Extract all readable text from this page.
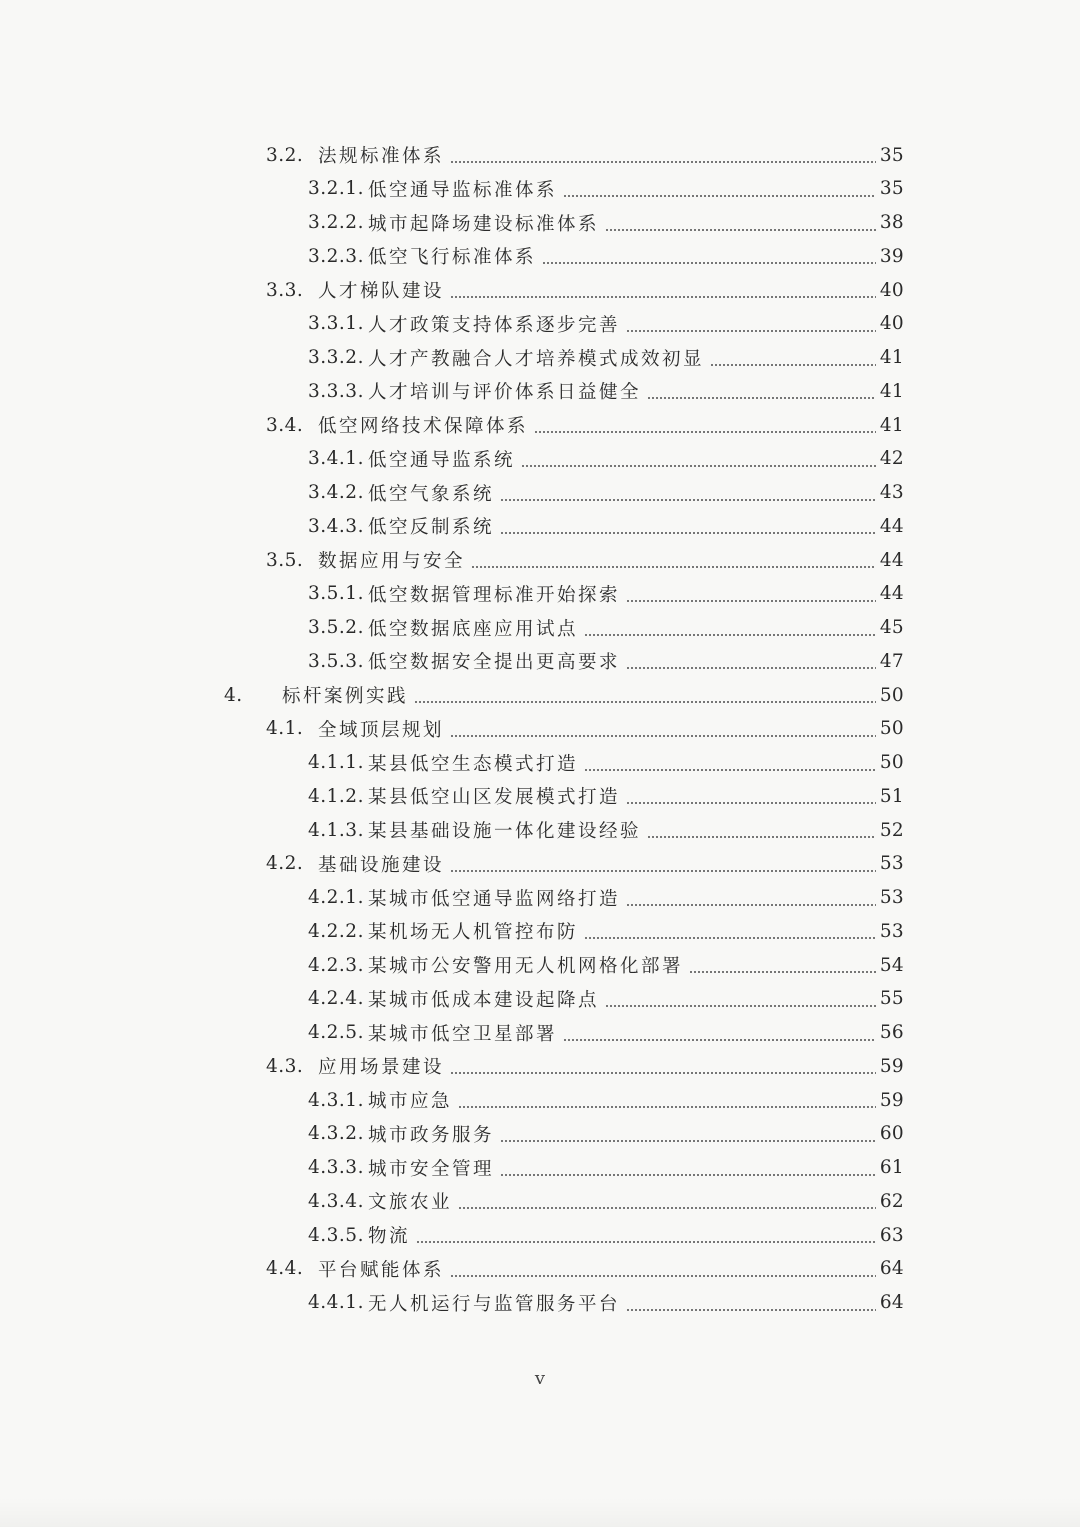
3.2. 法规标准体系	35
3.2.1. 低空通导监标准体系	35
3.2.2. 城市起降场建设标准体系	38
3.2.3. 低空飞行标准体系	39
3.3. 人才梯队建设	40
3.3.1. 人才政策支持体系逐步完善	40
3.3.2. 人才产教融合人才培养模式成效初显	41
3.3.3. 人才培训与评价体系日益健全	41
3.4. 低空网络技术保障体系	41
3.4.1. 低空通导监系统	42
3.4.2. 低空气象系统	43
3.4.3. 低空反制系统	44
3.5. 数据应用与安全	44
3.5.1. 低空数据管理标准开始探索	44
3.5.2. 低空数据底座应用试点	45
3.5.3. 低空数据安全提出更高要求	47
4.	标杆案例实践	50
4.1. 全域顶层规划	50
4.1.1. 某县低空生态模式打造	50
4.1.2. 某县低空山区发展模式打造	51
4.1.3. 某县基础设施一体化建设经验	52
4.2. 基础设施建设	53
4.2.1. 某城市低空通导监网络打造	53
4.2.2. 某机场无人机管控布防	53
4.2.3. 某城市公安警用无人机网格化部署	54
4.2.4. 某城市低成本建设起降点	55
4.2.5. 某城市低空卫星部署	56
4.3. 应用场景建设	59
4.3.1. 城市应急	59
4.3.2. 城市政务服务	60
4.3.3. 城市安全管理	61
4.3.4. 文旅农业	62
4.3.5. 物流	63
4.4. 平台赋能体系	64
4.4.1. 无人机运行与监管服务平台	64
v
